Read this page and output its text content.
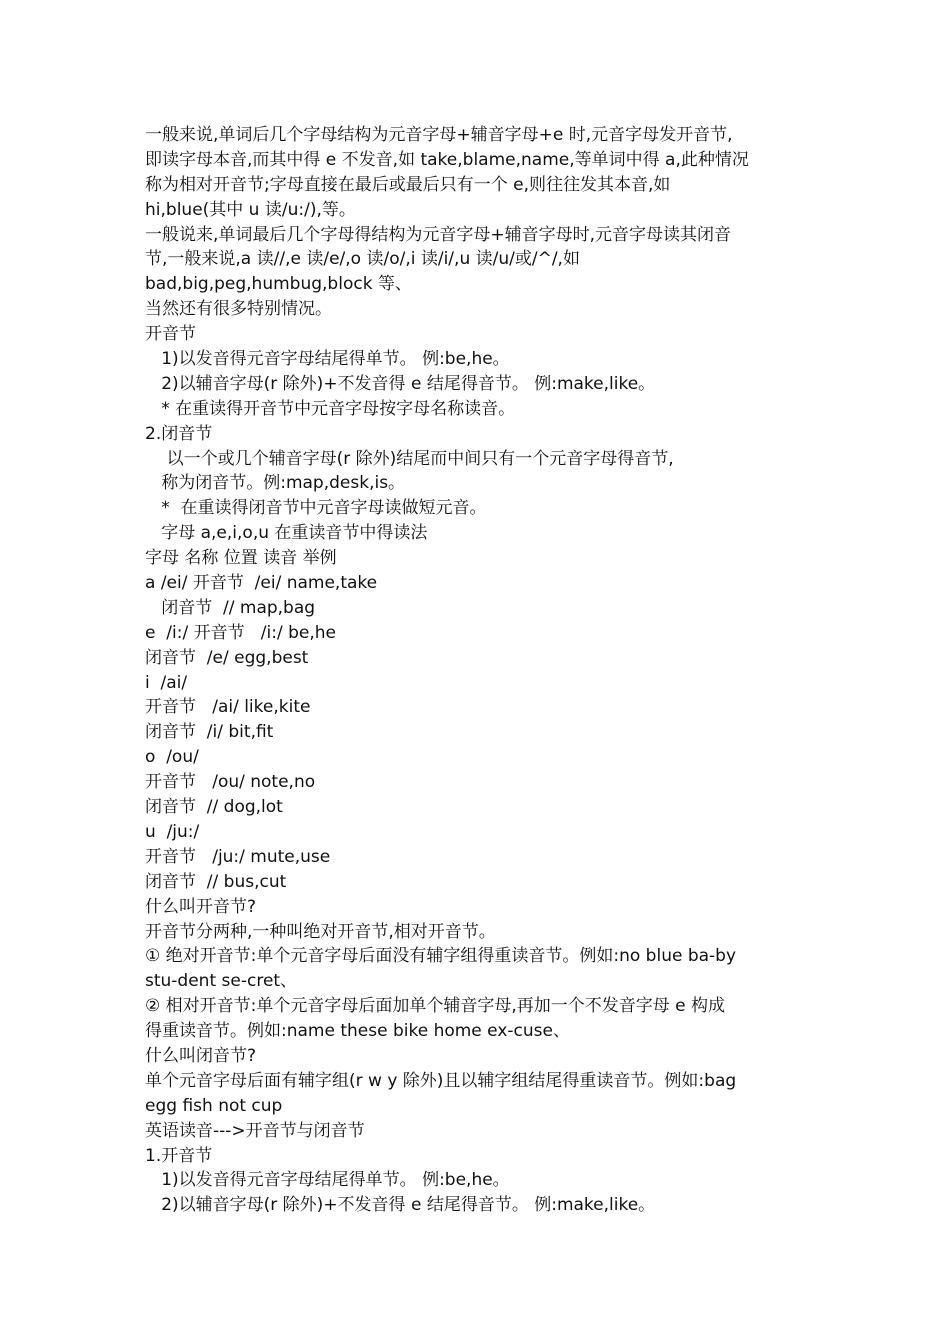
一般来说,单词后几个字母结构为元音字母+辅音字母+e 时,元音字母发开音节,
即读字母本音,而其中得 e 不发音,如 take,blame,name,等单词中得 a,此种情况
称为相对开音节;字母直接在最后或最后只有一个 e,则往往发其本音,如
hi,blue(其中 u 读/u:/),等。
一般说来,单词最后几个字母得结构为元音字母+辅音字母时,元音字母读其闭音
节,一般来说,a 读//,e 读/e/,o 读/o/,i 读/i/,u 读/u/或/^/,如
bad,big,peg,humbug,block 等、
当然还有很多特别情况。
开音节
1)以发音得元音字母结尾得单节。 例:be,he。
2)以辅音字母(r 除外)+不发音得 e 结尾得音节。 例:make,like。
* 在重读得开音节中元音字母按字母名称读音。
2.闭音节
以一个或几个辅音字母(r 除外)结尾而中间只有一个元音字母得音节,
称为闭音节。例:map,desk,is。
*  在重读得闭音节中元音字母读做短元音。
字母 a,e,i,o,u 在重读音节中得读法
字母 名称 位置 读音 举例
a /ei/ 开音节  /ei/ name,take
闭音节  // map,bag
e  /i:/ 开音节   /i:/ be,he
闭音节  /e/ egg,best
i  /ai/
开音节   /ai/ like,kite
闭音节  /i/ bit,fit
o  /ou/
开音节   /ou/ note,no
闭音节  // dog,lot
u  /ju:/
开音节   /ju:/ mute,use
闭音节  // bus,cut
什么叫开音节?
开音节分两种,一种叫绝对开音节,相对开音节。
① 绝对开音节:单个元音字母后面没有辅字组得重读音节。例如:no blue ba-by
stu-dent se-cret、
② 相对开音节:单个元音字母后面加单个辅音字母,再加一个不发音字母 e 构成
得重读音节。例如:name these bike home ex-cuse、
什么叫闭音节?
单个元音字母后面有辅字组(r w y 除外)且以辅字组结尾得重读音节。例如:bag
egg fish not cup
英语读音--->开音节与闭音节
1.开音节
1)以发音得元音字母结尾得单节。 例:be,he。
2)以辅音字母(r 除外)+不发音得 e 结尾得音节。 例:make,like。
